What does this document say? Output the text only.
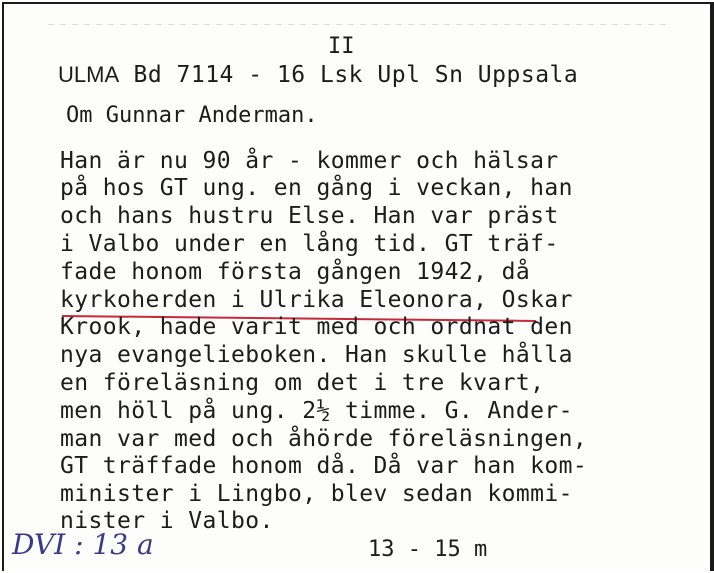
II

ULMA Bd 7114 - 16 Lsk Upl Sn Uppsala

Om Gunnar Anderman.

Han är nu 90 år - kommer och hälsar

på hos GT ung. en gång i veckan, han

och hans hustru Else. Han var präst

i Valbo under en lång tid. GT träf-

fade honom första gången 1942, då

kyrkoherden i Ulrika Eleonora, Oskar

Krook, hade varit med och ordnat den

nya evangelieboken. Han skulle hålla

en föreläsning om det i tre kvart,

men höll på ung. 2½ timme. G. Ander-

man var med och åhörde föreläsningen,

GT träffade honom då. Då var han kom-

minister i Lingbo, blev sedan kommi-

nister i Valbo.

DVI : 13 a	13 - 15 m
